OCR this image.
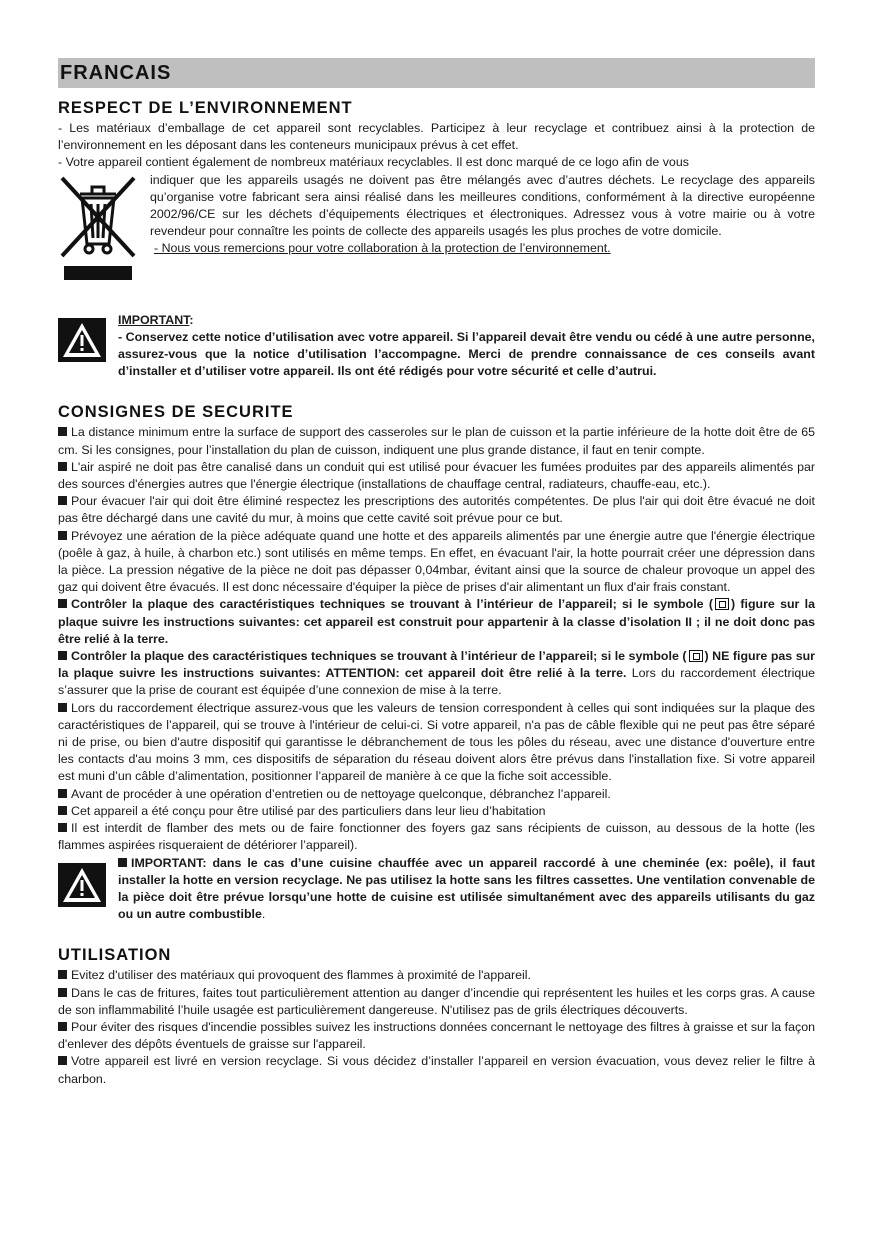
FRANCAIS
RESPECT DE L’ENVIRONNEMENT

- Les matériaux d’emballage de cet appareil sont recyclables. Participez à leur recyclage et contribuez ainsi à la protection de l’environnement en les déposant dans les conteneurs municipaux prévus à cet effet.

- Votre appareil contient également de nombreux matériaux recyclables. Il est donc marqué de ce logo afin de vous

indiquer que les appareils usagés ne doivent pas être mélangés avec d’autres déchets. Le recyclage des appareils qu’organise votre fabricant sera ainsi réalisé dans les meilleures conditions, conformément à la directive européenne 2002/96/CE sur les déchets d’équipements électriques et électroniques. Adressez vous à votre mairie ou à votre revendeur pour connaître les points de collecte des appareils usagés les plus proches de votre domicile.

- Nous vous remercions pour votre collaboration à la protection de l’environnement.

IMPORTANT:

- Conservez cette notice d’utilisation avec votre appareil. Si l’appareil devait être vendu ou cédé à une autre personne, assurez-vous que la notice d’utilisation l’accompagne. Merci de prendre connaissance de ces conseils avant d’installer et d’utiliser votre appareil. Ils ont été rédigés pour votre sécurité et celle d’autrui.

CONSIGNES DE SECURITE

La distance minimum entre la surface de support des casseroles sur le plan de cuisson et la partie inférieure de la hotte doit être de 65 cm. Si les consignes, pour l’installation du plan de cuisson, indiquent une plus grande distance, il faut en tenir compte.

L'air aspiré ne doit pas être canalisé dans un conduit qui est utilisé pour évacuer les fumées produites par des appareils alimentés par des sources d'énergies autres que l'énergie électrique (installations de chauffage central, radiateurs, chauffe-eau, etc.).

Pour évacuer l'air qui doit être éliminé respectez les prescriptions des autorités compétentes. De plus l'air qui doit être évacué ne doit pas être déchargé dans une cavité du mur, à moins que cette cavité soit prévue pour ce but.

Prévoyez une aération de la pièce adéquate quand une hotte et des appareils alimentés par une énergie autre que l'énergie électrique (poêle à gaz, à huile, à charbon etc.) sont utilisés en même temps. En effet, en évacuant l'air, la hotte pourrait créer une dépression dans la pièce. La pression négative de la pièce ne doit pas dépasser 0,04mbar, évitant ainsi que la source de chaleur provoque un appel des gaz qui doivent être évacués. Il est donc nécessaire d'équiper la pièce de prises d'air alimentant un flux d'air frais constant.

Contrôler la plaque des caractéristiques techniques se trouvant à l’intérieur de l’appareil; si le symbole ( ) figure sur la plaque suivre les instructions suivantes: cet appareil est construit pour appartenir à la classe d’isolation II ; il ne doit donc pas être relié à la terre.

Contrôler la plaque des caractéristiques techniques se trouvant à l’intérieur de l’appareil; si le symbole ( ) NE figure pas sur la plaque suivre les instructions suivantes: ATTENTION: cet appareil doit être relié à la terre. Lors du raccordement électrique s’assurer que la prise de courant est équipée d’une connexion de mise à la terre.

Lors du raccordement électrique assurez-vous que les valeurs de tension correspondent à celles qui sont indiquées sur la plaque des caractéristiques de l’appareil, qui se trouve à l'intérieur de celui-ci. Si votre appareil, n'a pas de câble flexible qui ne peut pas être séparé ni de prise, ou bien d'autre dispositif qui garantisse le débranchement de tous les pôles du réseau, avec une distance d'ouverture entre les contacts d'au moins 3 mm, ces dispositifs de séparation du réseau doivent alors être prévus dans l'installation fixe. Si votre appareil est muni d’un câble d’alimentation, positionner l’appareil de manière à ce que la fiche soit accessible.

Avant de procéder à une opération d’entretien ou de nettoyage quelconque, débranchez l’appareil.

Cet appareil a été conçu pour être utilisé par des particuliers dans leur lieu d’habitation

Il est interdit de flamber des mets ou de faire fonctionner des foyers gaz sans récipients de cuisson, au dessous de la hotte (les flammes aspirées risqueraient de détériorer l’appareil).

IMPORTANT: dans le cas d’une cuisine chauffée avec un appareil raccordé à une cheminée (ex: poêle), il faut installer la hotte en version recyclage. Ne pas utilisez la hotte sans les filtres cassettes. Une ventilation convenable de la pièce doit être prévue lorsqu’une hotte de cuisine est utilisée simultanément avec des appareils utilisants du gaz ou un autre combustible.

UTILISATION

Evitez d'utiliser des matériaux qui provoquent des flammes à proximité de l'appareil.

Dans le cas de fritures, faites tout particulièrement attention au danger d’incendie qui représentent les huiles et les corps gras. A cause de son inflammabilité l’huile usagée est particulièrement dangereuse. N'utilisez pas de grils électriques découverts.

Pour éviter des risques d'incendie possibles suivez les instructions données concernant le nettoyage des filtres à graisse et sur la façon d'enlever des dépôts éventuels de graisse sur l'appareil.

Votre appareil est livré en version recyclage. Si vous décidez d’installer l’appareil en version évacuation, vous devez relier le filtre à charbon.
